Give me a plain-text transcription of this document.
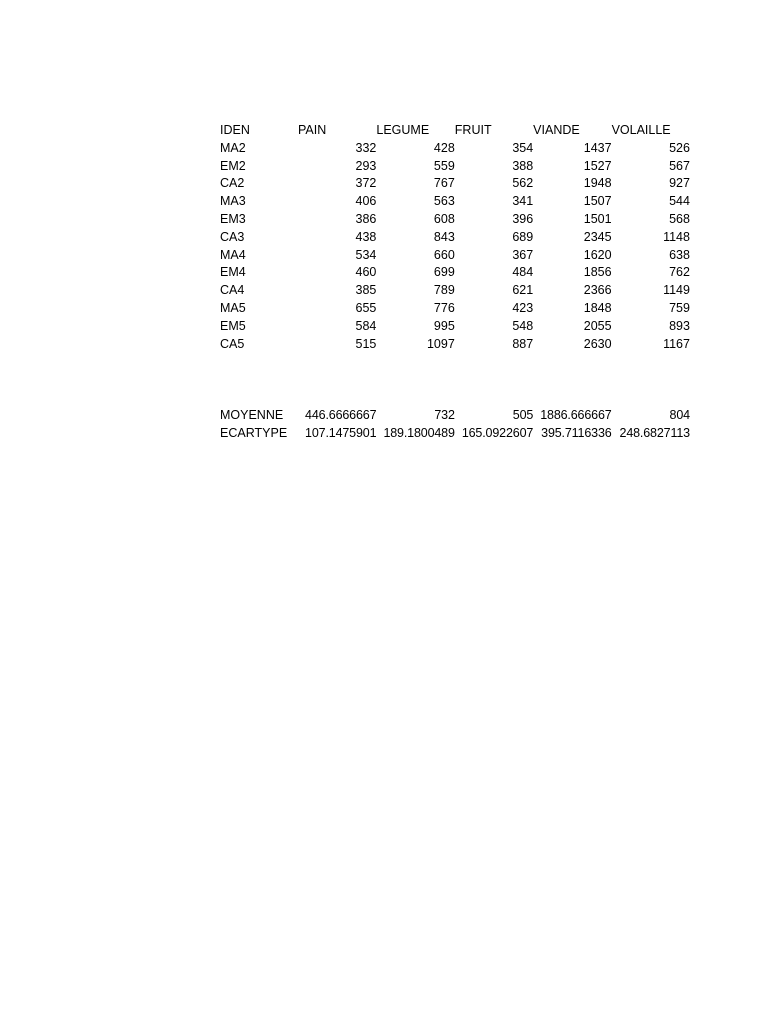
IDEN	PAIN	LEGUME	FRUIT	VIANDE	VOLAILLE
MA2	332	428	354	1437	526
EM2	293	559	388	1527	567
CA2	372	767	562	1948	927
MA3	406	563	341	1507	544
EM3	386	608	396	1501	568
CA3	438	843	689	2345	1148
MA4	534	660	367	1620	638
EM4	460	699	484	1856	762
CA4	385	789	621	2366	1149
MA5	655	776	423	1848	759
EM5	584	995	548	2055	893
CA5	515	1097	887	2630	1167
MOYENNE	446.6666667	732	505 1886.666667	804
ECARTYPE	107.1475901 189.1800489 165.0922607 395.7116336 248.6827113
